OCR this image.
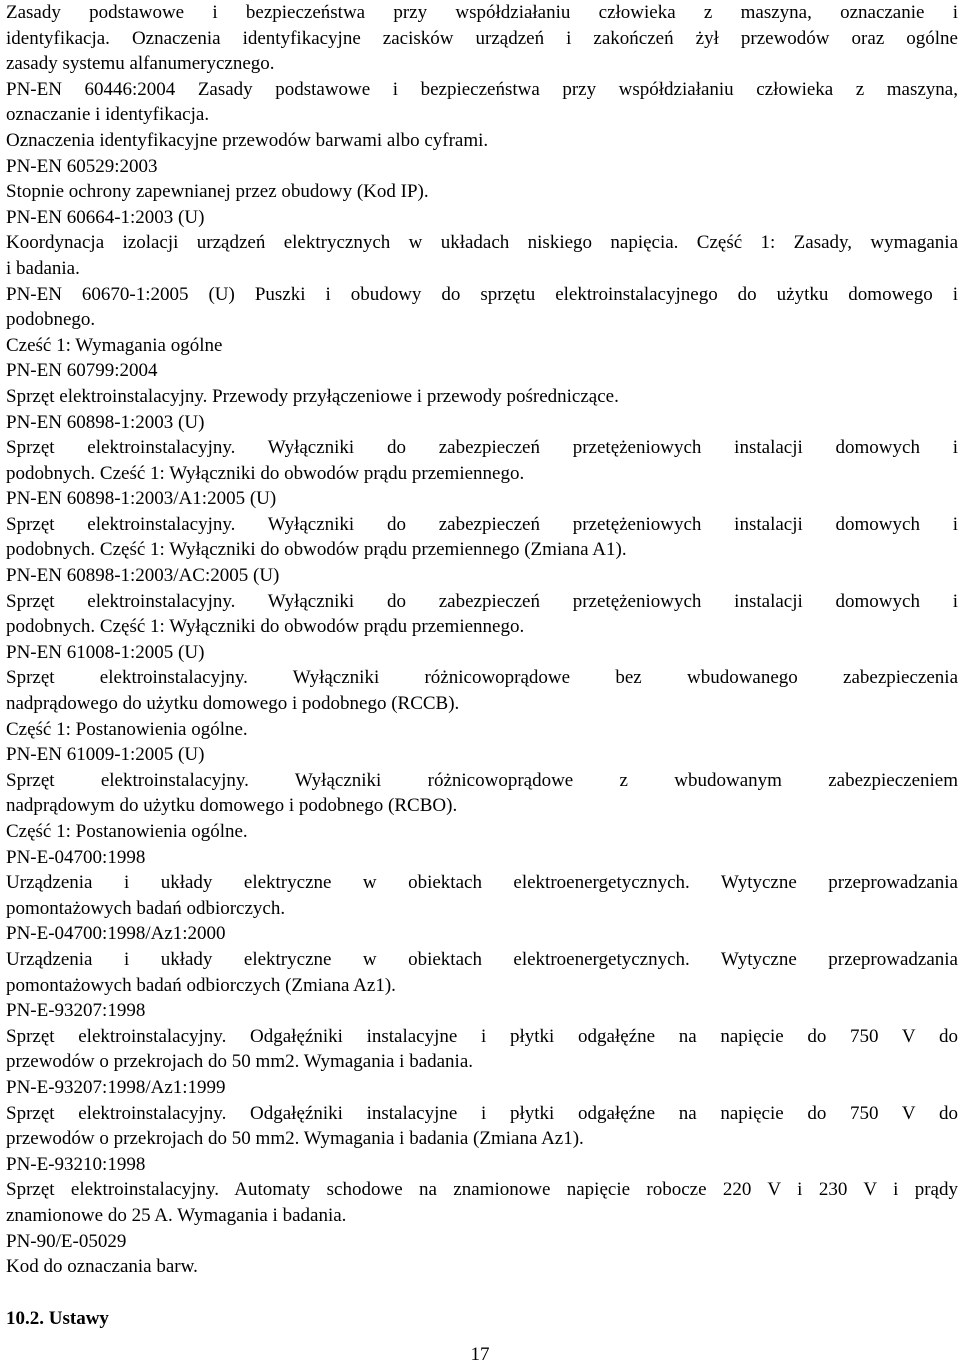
Zasady podstawowe i bezpieczeństwa przy współdziałaniu człowieka z maszyna, oznaczanie i
identyfikacja. Oznaczenia identyfikacyjne zacisków urządzeń i zakończeń żył przewodów oraz ogólne
zasady systemu alfanumerycznego.
PN-EN 60446:2004 Zasady podstawowe i bezpieczeństwa przy współdziałaniu człowieka z maszyna,
oznaczanie i identyfikacja.
Oznaczenia identyfikacyjne przewodów barwami albo cyframi.
PN-EN 60529:2003
Stopnie ochrony zapewnianej przez obudowy (Kod IP).
PN-EN 60664-1:2003 (U)
Koordynacja izolacji urządzeń elektrycznych w układach niskiego napięcia. Część 1: Zasady, wymagania
i badania.
PN-EN 60670-1:2005 (U) Puszki i obudowy do sprzętu elektroinstalacyjnego do użytku domowego i
podobnego.
Cześć 1: Wymagania ogólne
PN-EN 60799:2004
Sprzęt elektroinstalacyjny. Przewody przyłączeniowe i przewody pośredniczące.
PN-EN 60898-1:2003 (U)
Sprzęt elektroinstalacyjny. Wyłączniki do zabezpieczeń przetężeniowych instalacji domowych i
podobnych. Cześć 1: Wyłączniki do obwodów prądu przemiennego.
PN-EN 60898-1:2003/A1:2005 (U)
Sprzęt elektroinstalacyjny. Wyłączniki do zabezpieczeń przetężeniowych instalacji domowych i
podobnych. Część 1: Wyłączniki do obwodów prądu przemiennego (Zmiana A1).
PN-EN 60898-1:2003/AC:2005 (U)
Sprzęt elektroinstalacyjny. Wyłączniki do zabezpieczeń przetężeniowych instalacji domowych i
podobnych. Część 1: Wyłączniki do obwodów prądu przemiennego.
PN-EN 61008-1:2005 (U)
Sprzęt elektroinstalacyjny. Wyłączniki różnicowoprądowe bez wbudowanego zabezpieczenia
nadprądowego do użytku domowego i podobnego (RCCB).
Część 1: Postanowienia ogólne.
PN-EN 61009-1:2005 (U)
Sprzęt elektroinstalacyjny. Wyłączniki różnicowoprądowe z wbudowanym zabezpieczeniem
nadprądowym do użytku domowego i podobnego (RCBO).
Część 1: Postanowienia ogólne.
PN-E-04700:1998
Urządzenia i układy elektryczne w obiektach elektroenergetycznych. Wytyczne przeprowadzania
pomontażowych badań odbiorczych.
PN-E-04700:1998/Az1:2000
Urządzenia i układy elektryczne w obiektach elektroenergetycznych. Wytyczne przeprowadzania
pomontażowych badań odbiorczych (Zmiana Az1).
PN-E-93207:1998
Sprzęt elektroinstalacyjny. Odgałęźniki instalacyjne i płytki odgałęźne na napięcie do 750 V do
przewodów o przekrojach do 50 mm2. Wymagania i badania.
PN-E-93207:1998/Az1:1999
Sprzęt elektroinstalacyjny. Odgałęźniki instalacyjne i płytki odgałęźne na napięcie do 750 V do
przewodów o przekrojach do 50 mm2. Wymagania i badania (Zmiana Az1).
PN-E-93210:1998
Sprzęt elektroinstalacyjny. Automaty schodowe na znamionowe napięcie robocze 220 V i 230 V i prądy
znamionowe do 25 A. Wymagania i badania.
PN-90/E-05029
Kod do oznaczania barw.
10.2. Ustawy
17
